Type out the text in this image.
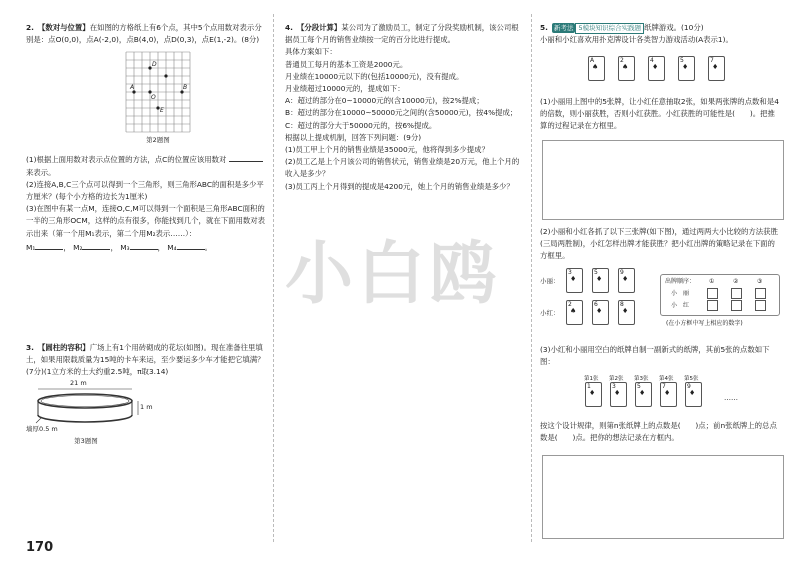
2. 【数对与位置】在如图的方格纸上有6个点，其中5个点用数对表示分别是：点O(0,0)，点A(-2,0)，点B(4,0)，点D(0,3)，点E(1,-2)。(8分)

D
A
O
B
E
第2题图

(1)根据上面用数对表示点位置的方法，点C的位置应该用数对  来表示。

(2)连接A,B,C三个点可以得到一个三角形，则三角形ABC的面积是多少平方厘米？(每个小方格的边长为1厘米)

(3)在图中有某一点M，连接O,C,M可以得到一个面积是三角形ABC面积的一半的三角形OCM，这样的点有很多，你能找到几个，就在下面用数对表示出来（第一个用M₁表示，第二个用M₂表示……）：

M₁	， M₂	， M₃	， M₄	。

3. 【圆柱的容积】广场上有1个用砖砌成的花坛(如图)。现在准备往里填土，如果用限载质量为15吨的卡车来运，至少要运多少车才能把它填满？(7分)(1立方米的土大约重2.5吨，π取3.14)

21 m
1 m
墙厚0.5 m
第3题图

4. 【分段计算】某公司为了激励员工，制定了分段奖励机制，该公司根据员工每个月的销售业绩按一定的百分比进行提成。

具体方案如下：

普通员工每月的基本工资是2000元。

月业绩在10000元以下的(包括10000元)，没有提成。

月业绩超过10000元的，提成如下：

A：超过的部分在0~10000元的(含10000元)，按2%提成；

B：超过的部分在10000~50000元之间的(含50000元)，按4%提成；

C：超过的部分大于50000元的，按6%提成。

根据以上提成机制，回答下列问题：(9分)

(1)员工甲上个月的销售业绩是35000元，他将得到多少提成？

(2)员工乙是上个月该公司的销售状元，销售业绩是20万元，他上个月的收入是多少？

(3)员工丙上个月得到的提成是4200元，她上个月的销售业绩是多少？

5. 新考法 5模块知识综合实践题 纸牌游戏。(10分)

小丽和小红喜欢用扑克牌设计各类智力游戏活动(A表示1)。

A
♠
2
♠
4
♦
5
♦
7
♦

(1)小丽用上图中的5张牌，让小红任意抽取2张，如果两张牌的点数和是4的倍数，则小丽获胜，否则小红获胜。小红获胜的可能性是(　　)。把推算的过程记录在方框里。

(2)小丽和小红各抓了以下三张牌(如下图)，通过两两大小比较的方法获胜(三局两胜制)，小红怎样出牌才能获胜？把小红出牌的策略记录在下面的方框里。

小丽：
3
♦
5
♦
9
♦
小红：
2
♠
6
♦
8
♦
出牌顺序： ①	②	③
小　丽
小　红
(在小方框中写上相应的数字)

(3)小红和小丽用空白的纸牌自制一副新式的纸牌，其前5张的点数如下图：

第1张 第2张 第3张 第4张 第5张
1
♦
3
♦
5
♦
7
♦
9
♦
……

按这个设计规律，则第n张纸牌上的点数是(　　)点；前n张纸牌上的总点数是(　　)点。把你的想法记录在方框内。

小白鸥
170
